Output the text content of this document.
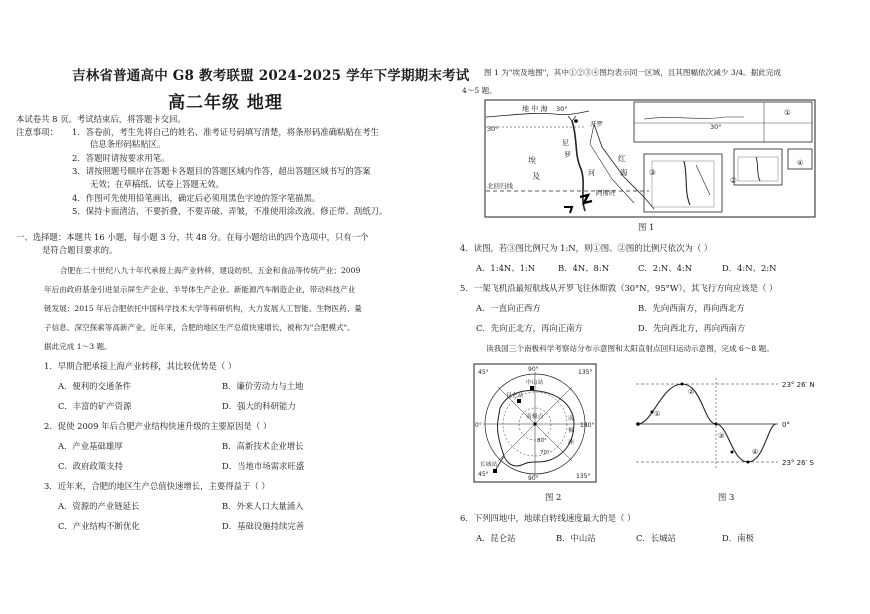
吉林省普通高中 G8 教考联盟 2024-2025 学年下学期期末考试
高二年级 地理
本试卷共 8 页。考试结束后，将答题卡交回。
注意事项： 1．答卷前，考生先将自己的姓名、准考证号码填写清楚，将条形码准确粘贴在考生
信息条形码粘贴区。
2．答题时请按要求用笔。
3．请按照题号顺序在答题卡各题目的答题区域内作答，超出答题区域书写的答案
无效；在草稿纸、试卷上答题无效。
4．作图可先使用铅笔画出，确定后必须用黑色字迹的签字笔描黑。
5．保持卡面清洁，不要折叠，不要弄破、弄皱，不准使用涂改液、修正带、刮纸刀。
一、选择题：本题共 16 小题，每小题 3 分，共 48 分。在每小题给出的四个选项中，只有一个
是符合题目要求的。
合肥在二十世纪八九十年代承接上海产业转移，建设纺织、五金和食品等传统产业；2009
年后由政府基金引进显示屏生产企业、半导体生产企业、新能源汽车制造企业，带动科技产业
链发展；2015 年后合肥依托中国科学技术大学等科研机构，大力发展人工智能、生物医药、量
子信息、深空探索等高新产业。近年来，合肥的地区生产总值快速增长，被称为"合肥模式"。
据此完成 1～3 题。
1．早期合肥承接上海产业转移，其比较优势是（ ）
A．便利的交通条件	B．廉价劳动力与土地
C．丰富的矿产资源	D．强大的科研能力
2．促使 2009 年后合肥产业结构快速升级的主要原因是（ ）
A．产业基础雄厚	B．高新技术企业增长
C．政府政策支持	D．当地市场需求旺盛
3．近年来，合肥的地区生产总值快速增长，主要得益于（ ）
A．资源的产业链延长	B．外来人口大量涌入
C．产业结构不断优化	D．基础设施持续完善
图 1 为"埃及地图"，其中①②③④图均表示同一区域，且其图幅依次减少 3/4。据此完成
4～5 题。
地 中 海 30°
30°	30°
开罗
尼
罗
河
埃
及
红
海
阿斯旺
北回归线
①
②
③
④
图 1
4．读图，若③图比例尺为 1:N，则①图、②图的比例尺依次为（ ）
A．1:4N、1:N	B．4N、8:N	C．2:N、4:N	D．4:N、2:N
5．一架飞机沿最短航线从开罗飞往休斯敦（30°N，95°W），其飞行方向应该是（ ）
A．一直向正西方	B．先向西南方，再向西北方
C．先向正北方，再向正南方	D．先向西北方，再向西南方
读我国三个南极科学考察站分布示意图和太阳直射点回归运动示意图，完成 6～8 题。
90°
45°	135°
0°	180°
45°	135°
90°
中山站
昆仑站
南极点	南
极
洲
80°
70°
长城站
图 2
23° 26′ N
0°
23° 26′ S
①
②
③
④
图 3
6．下列四地中，地球自转线速度最大的是（ ）
A．昆仑站	B．中山站	C．长城站	D．南极
